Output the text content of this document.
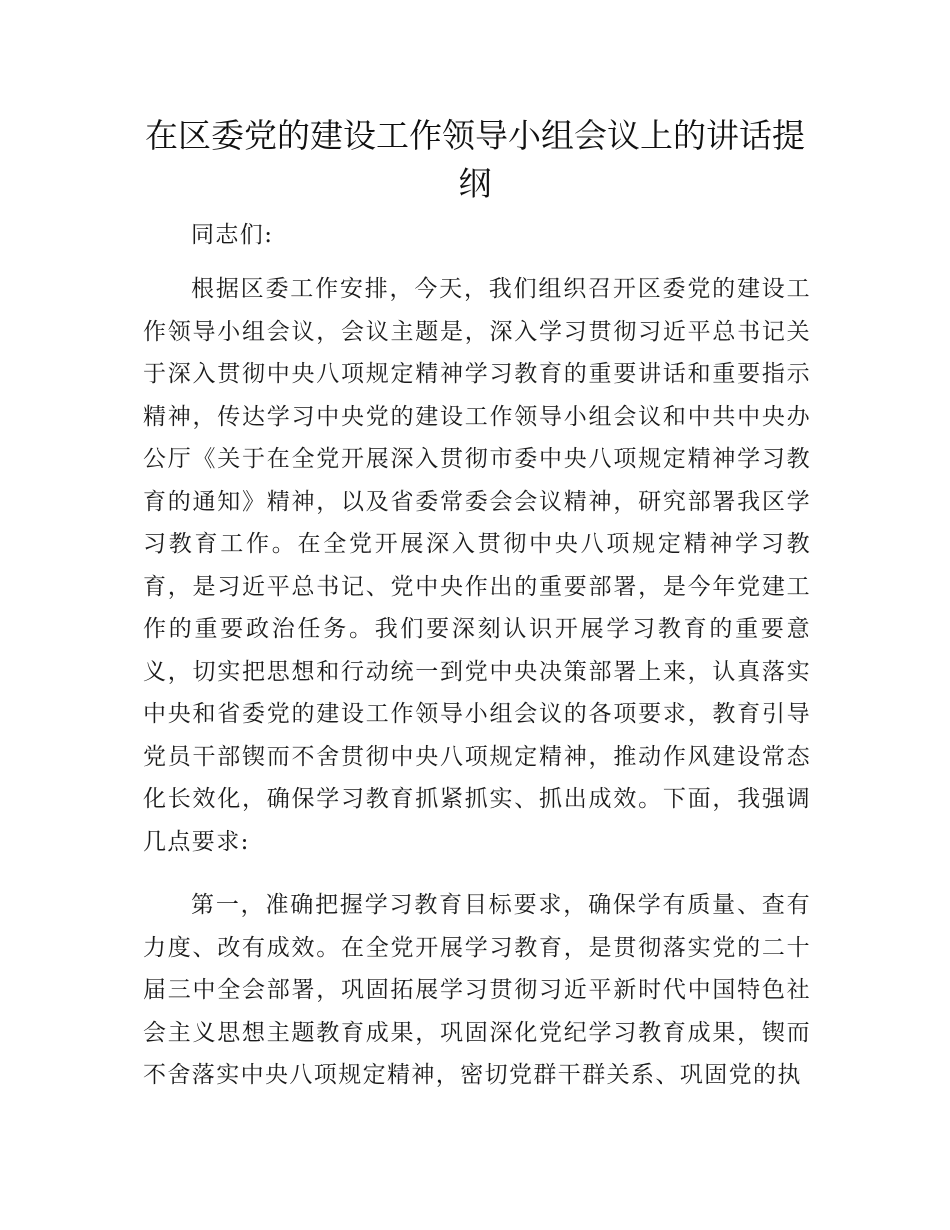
在区委党的建设工作领导小组会议上的讲话提纲

同志们:

根据区委工作安排，今天，我们组织召开区委党的建设工作领导小组会议，会议主题是，深入学习贯彻习近平总书记关于深入贯彻中央八项规定精神学习教育的重要讲话和重要指示精神，传达学习中央党的建设工作领导小组会议和中共中央办公厅《关于在全党开展深入贯彻市委中央八项规定精神学习教育的通知》精神，以及省委常委会会议精神，研究部署我区学习教育工作。在全党开展深入贯彻中央八项规定精神学习教育，是习近平总书记、党中央作出的重要部署，是今年党建工作的重要政治任务。我们要深刻认识开展学习教育的重要意义，切实把思想和行动统一到党中央决策部署上来，认真落实中央和省委党的建设工作领导小组会议的各项要求，教育引导党员干部锲而不舍贯彻中央八项规定精神，推动作风建设常态化长效化，确保学习教育抓紧抓实、抓出成效。下面，我强调几点要求:

第一，准确把握学习教育目标要求，确保学有质量、查有力度、改有成效。在全党开展学习教育，是贯彻落实党的二十届三中全会部署，巩固拓展学习贯彻习近平新时代中国特色社会主义思想主题教育成果，巩固深化党纪学习教育成果，锲而不舍落实中央八项规定精神，密切党群干群关系、巩固党的执
